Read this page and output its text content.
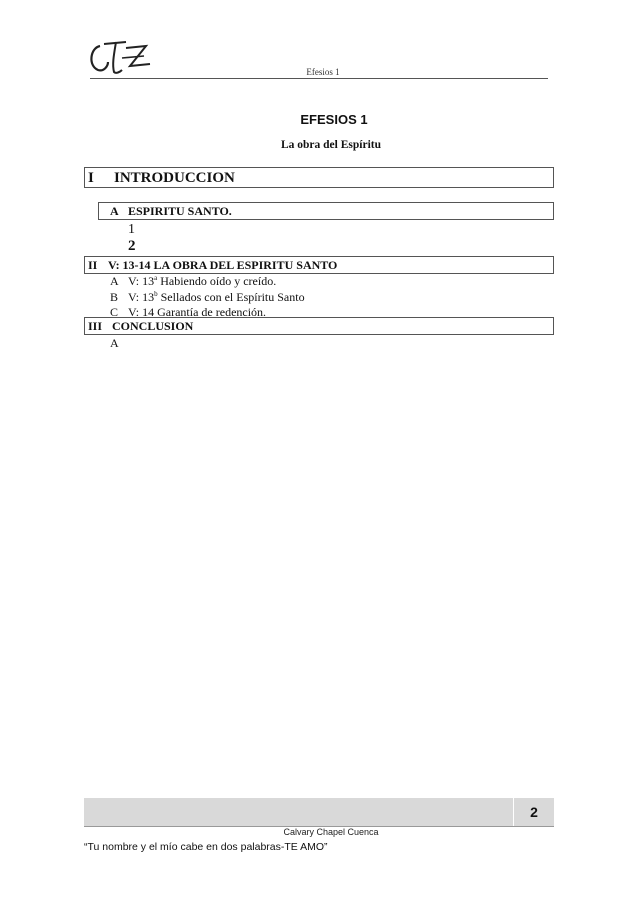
Efesios 1
EFESIOS 1
La obra del Espíritu
I INTRODUCCION
A ESPIRITU SANTO.
1
2
II V: 13-14 LA OBRA DEL ESPIRITU SANTO
A V: 13$^a$ Habiendo oído y creído.
B V: 13$^b$ Sellados con el Espíritu Santo
C V: 14 Garantía de redención.
III CONCLUSION
A
2
Calvary Chapel Cuenca
“Tu nombre y el mío cabe en dos palabras-TE AMO”
